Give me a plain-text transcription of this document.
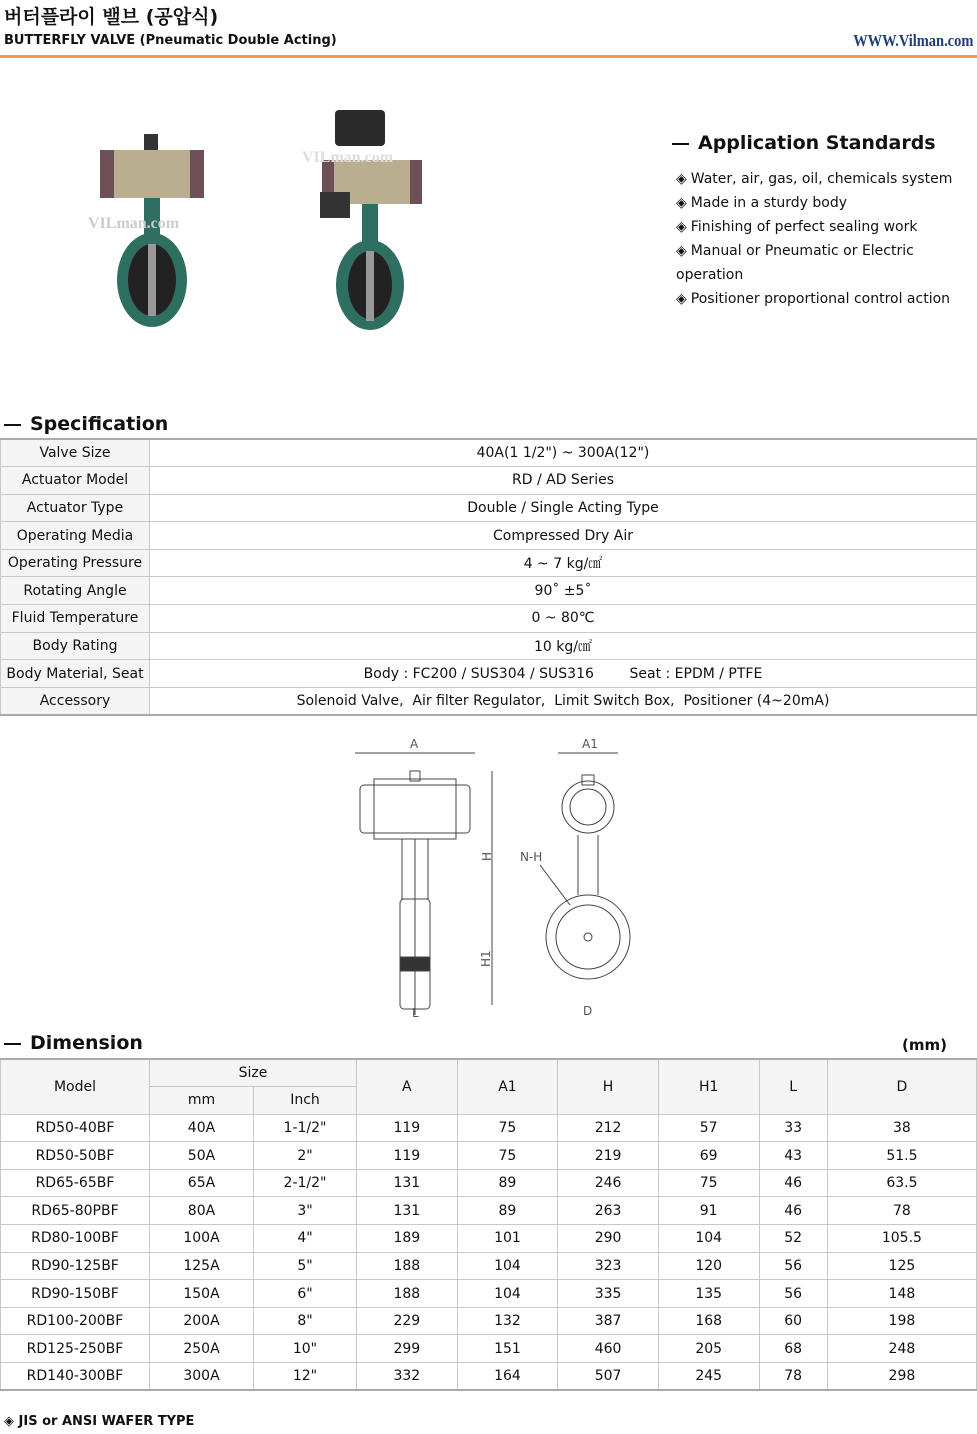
버터플라이 밸브 (공압식)
BUTTERFLY VALVE (Pneumatic Double Acting)	WWW.Vilman.com
VILman.com
VILman.com
Application Standards
◈ Water, air, gas, oil, chemicals system
◈ Made in a sturdy body
◈ Finishing of perfect sealing work
◈ Manual or Pneumatic or Electric operation
◈ Positioner proportional control action
Specification
Valve Size	40A(1 1/2") ~ 300A(12")
Actuator Model	RD / AD Series
Actuator Type	Double / Single Acting Type
Operating Media	Compressed Dry Air
Operating Pressure	4 ~ 7 kg/㎠
Rotating Angle	90˚ ±5˚
Fluid Temperature	0 ~ 80℃
Body Rating	10 kg/㎠
Body Material, Seat	Body : FC200 / SUS304 / SUS316        Seat : EPDM / PTFE
Accessory	Solenoid Valve,  Air filter Regulator,  Limit Switch Box,  Positioner (4~20mA)
A
H
H1
L
A1
N-H
D
Dimension	(mm)
Model	Size		A	A1	H	H1	L	D
	mm	Inch						
RD50-40BF	40A	1-1/2"	119	75	212	57	33	38
RD50-50BF	50A	2"	119	75	219	69	43	51.5
RD65-65BF	65A	2-1/2"	131	89	246	75	46	63.5
RD65-80PBF	80A	3"	131	89	263	91	46	78
RD80-100BF	100A	4"	189	101	290	104	52	105.5
RD90-125BF	125A	5"	188	104	323	120	56	125
RD90-150BF	150A	6"	188	104	335	135	56	148
RD100-200BF	200A	8"	229	132	387	168	60	198
RD125-250BF	250A	10"	299	151	460	205	68	248
RD140-300BF	300A	12"	332	164	507	245	78	298
◈ JIS or ANSI WAFER TYPE
